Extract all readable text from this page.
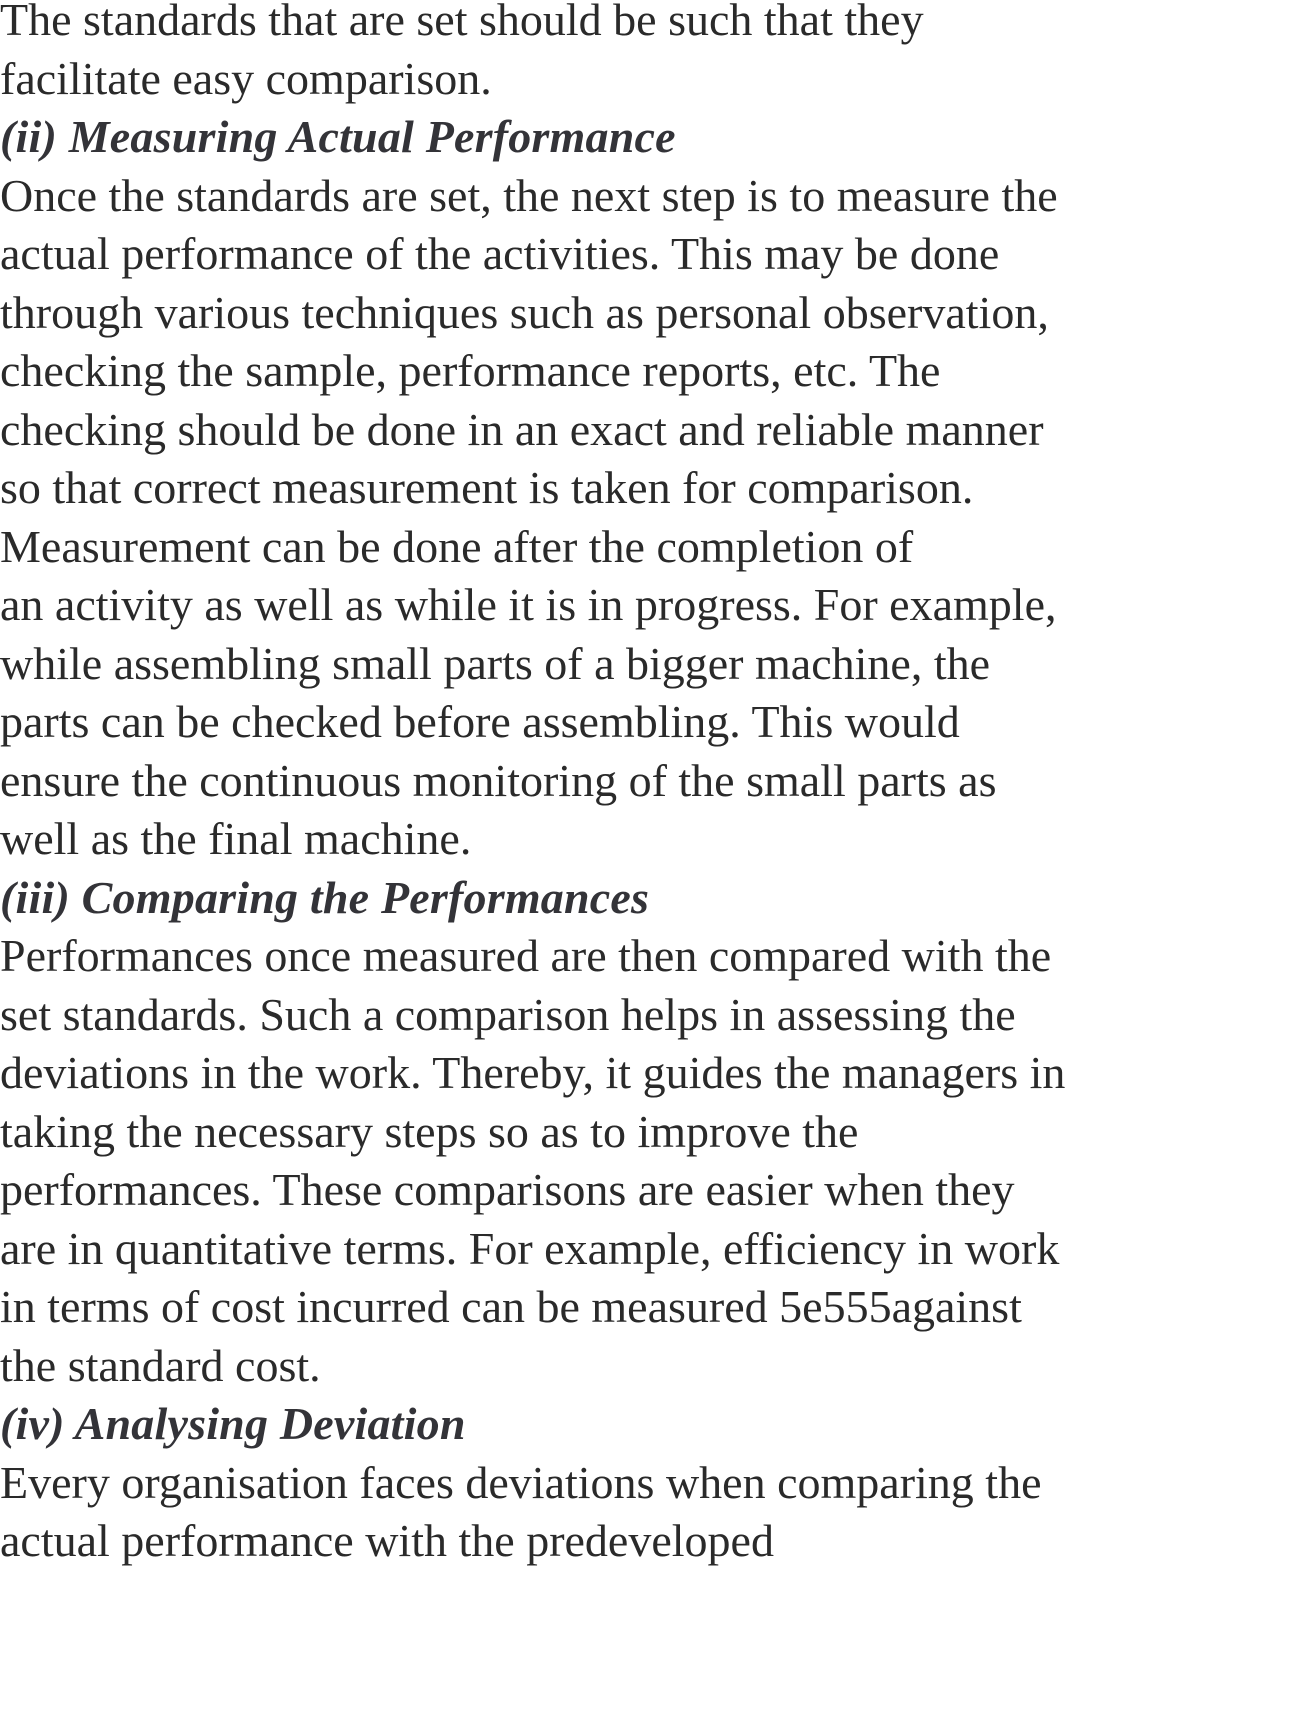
The standards that are set should be such that they
facilitate easy comparison.
(ii) Measuring Actual Performance
Once the standards are set, the next step is to measure the
actual performance of the activities. This may be done
through various techniques such as personal observation,
checking the sample, performance reports, etc. The
checking should be done in an exact and reliable manner
so that correct measurement is taken for comparison.
Measurement can be done after the completion of
an activity as well as while it is in progress. For example,
while assembling small parts of a bigger machine, the
parts can be checked before assembling. This would
ensure the continuous monitoring of the small parts as
well as the final machine.
(iii) Comparing the Performances
Performances once measured are then compared with the
set standards. Such a comparison helps in assessing the
deviations in the work. Thereby, it guides the managers in
taking the necessary steps so as to improve the
performances. These comparisons are easier when they
are in quantitative terms. For example, efficiency in work
in terms of cost incurred can be measured 5e555against
the standard cost.
(iv) Analysing Deviation
Every organisation faces deviations when comparing the
actual performance with the predeveloped
